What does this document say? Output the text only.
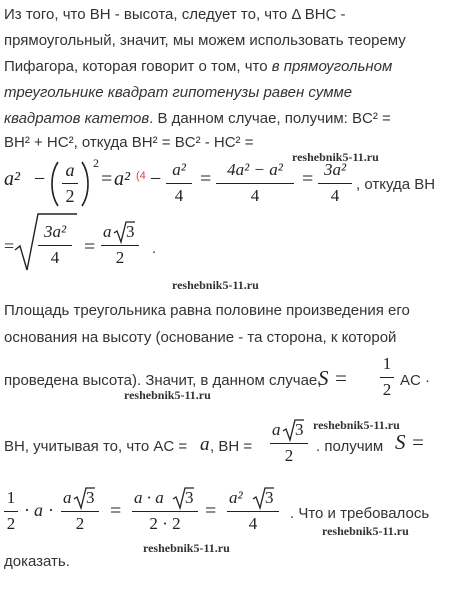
Из того, что BH - высота, следует то, что Δ BHC -
прямоугольный, значит, мы можем использовать теорему
Пифагора, которая говорит о том, что в прямоугольном
треугольнике квадрат гипотенузы равен сумме
квадратов катетов. В данном случае, получим: BC² =
BH² + HC², откуда BH² = BC² - HC² =
reshebnik5-11.ru
a² − a
2
2
= a² (4 − a²
4
= 4a² − a²
4
= 3a²
4
, откуда BH
=
3a²
4	=
a 3
2	.
reshebnik5-11.ru
Площадь треугольника равна половине произведения его
основания на высоту (основание - та сторона, к которой
проведена высота). Значит, в данном случае,
S =
1
2 AC ·
reshebnik5-11.ru
reshebnik5-11.ru
BH, учитывая то, что AC = a , BH =
a 3
2	. получим S =
1
2
· a ·
a 3
2
=
a · a 3
2 · 2
=
a² 3
4
. Что и требовалось
reshebnik5-11.ru
reshebnik5-11.ru
доказать.
